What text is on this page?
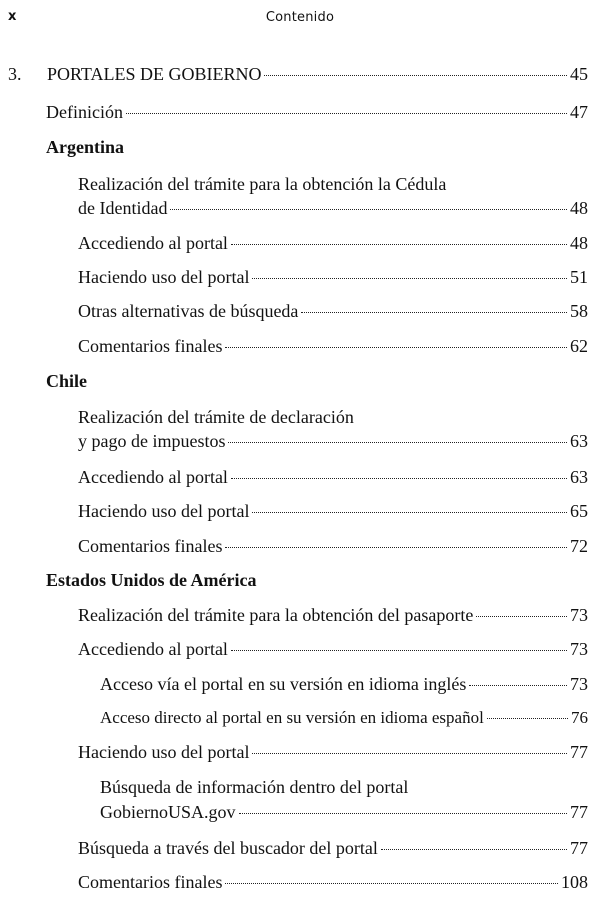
x	Contenido
3.	PORTALES DE GOBIERNO	45
Definición	47
Argentina
Realización del trámite para la obtención la Cédula
de Identidad	48
Accediendo al portal	48
Haciendo uso del portal	51
Otras alternativas de búsqueda	58
Comentarios finales	62
Chile
Realización del trámite de declaración
y pago de impuestos	63
Accediendo al portal	63
Haciendo uso del portal	65
Comentarios finales	72
Estados Unidos de América
Realización del trámite para la obtención del pasaporte	73
Accediendo al portal	73
Acceso vía el portal en su versión en idioma inglés	73
Acceso directo al portal en su versión en idioma español	76
Haciendo uso del portal	77
Búsqueda de información dentro del portal
GobiernoUSA.gov	77
Búsqueda a través del buscador del portal	77
Comentarios finales	108
